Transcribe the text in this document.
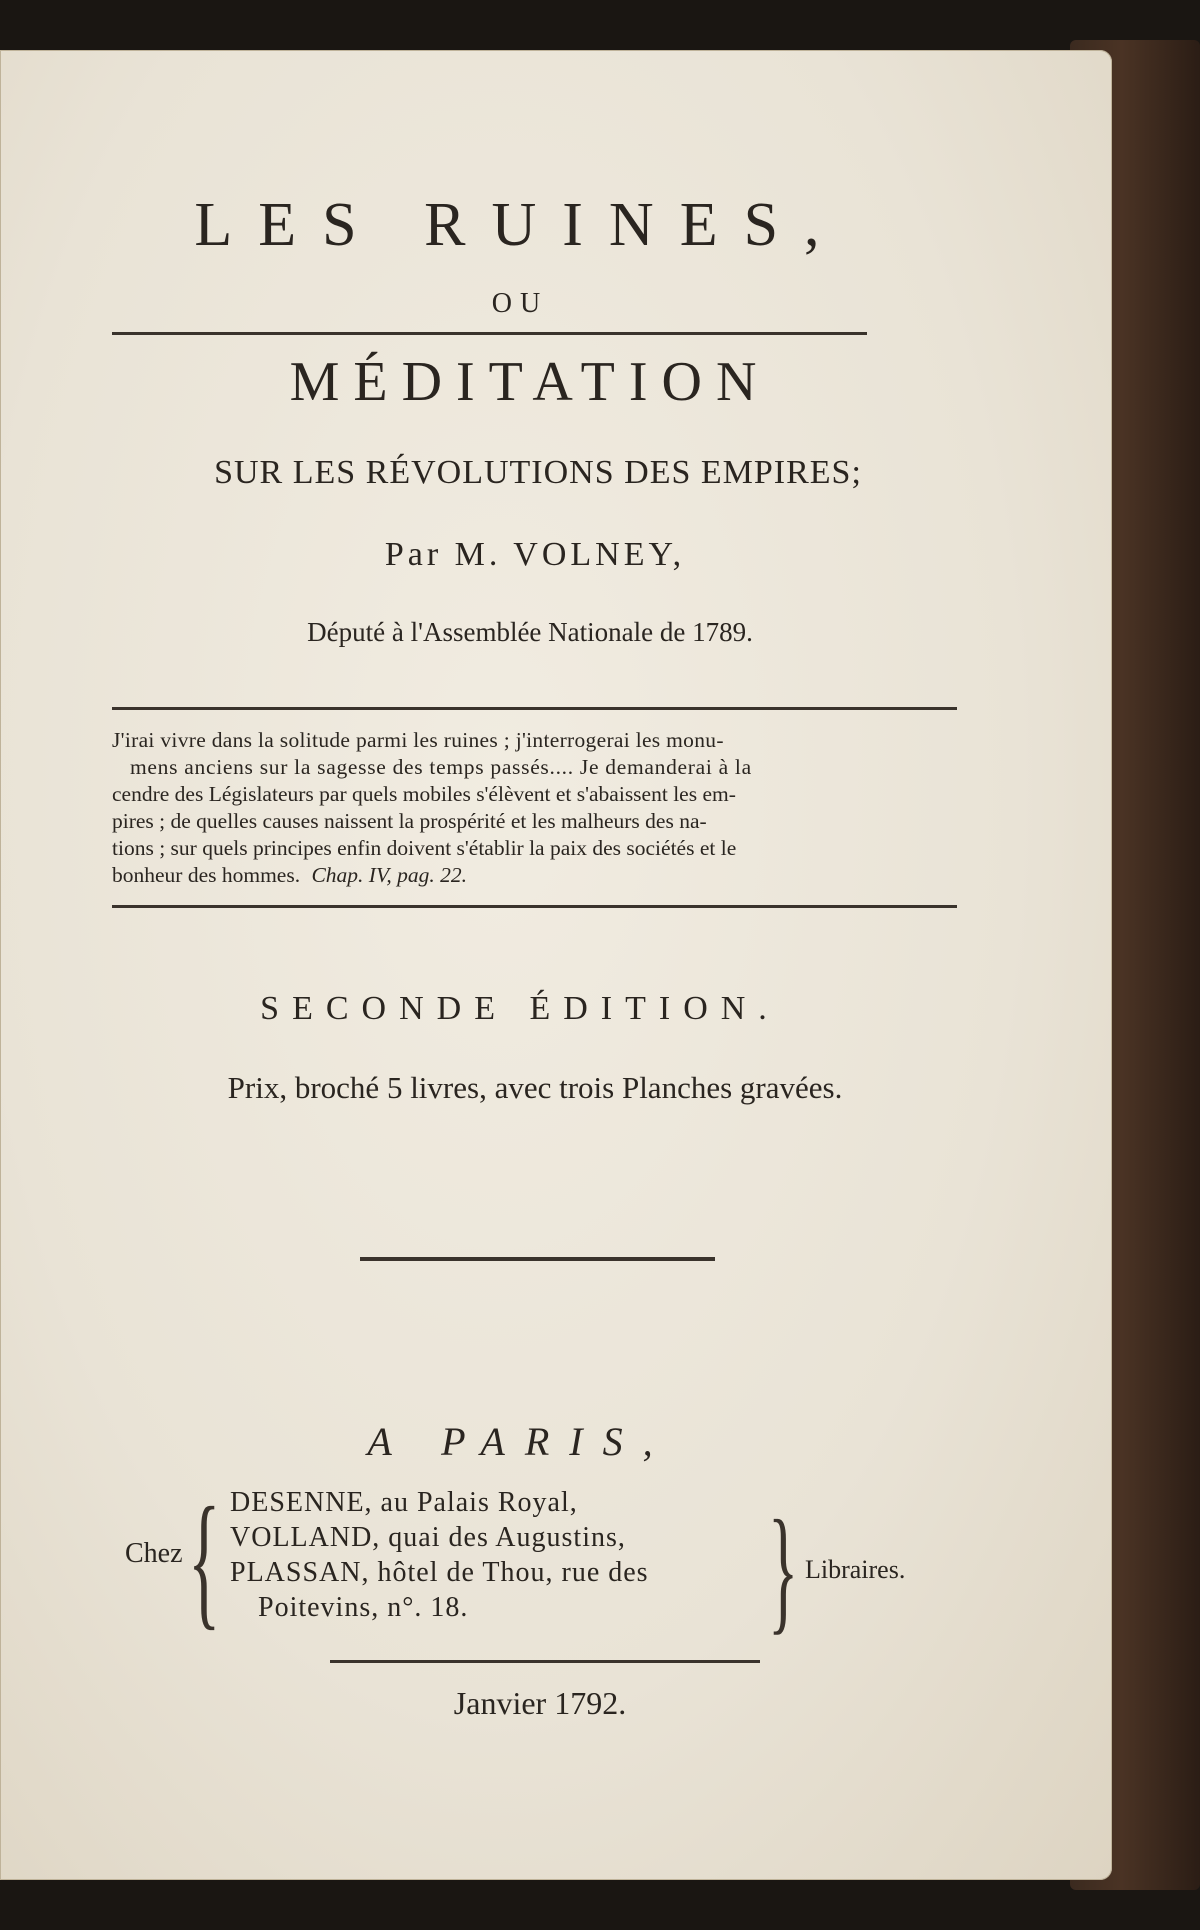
LES RUINES,
OU
MÉDITATION
SUR LES RÉVOLUTIONS DES EMPIRES;
Par M. VOLNEY,
Député à l'Assemblée Nationale de 1789.
J'irai vivre dans la solitude parmi les ruines ; j'interrogerai les monu-
mens anciens sur la sagesse des temps passés.... Je demanderai à la
cendre des Législateurs par quels mobiles s'élèvent et s'abaissent les em-
pires ; de quelles causes naissent la prospérité et les malheurs des na-
tions ; sur quels principes enfin doivent s'établir la paix des sociétés et le
bonheur des hommes. Chap. IV, pag. 22.
SECONDE ÉDITION.
Prix, broché 5 livres, avec trois Planches gravées.
A PARIS,
Chez { DESENNE, au Palais Royal,
VOLLAND, quai des Augustins,
PLASSAN, hôtel de Thou, rue des
Poitevins, n°. 18.	} Libraires.
Janvier 1792.
